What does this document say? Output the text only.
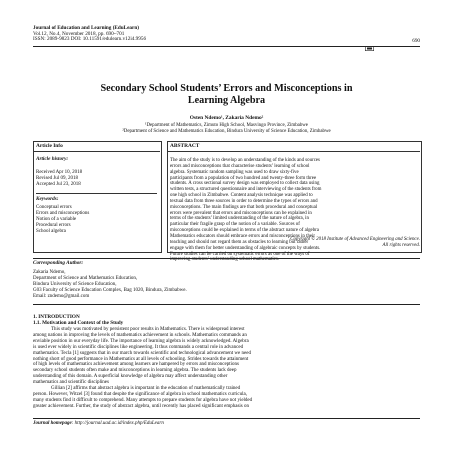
Journal of Education and Learning (EduLearn)
Vol.12, No.4, November 2018, pp. 690~701
ISSN: 2089-9823 DOI: 10.11591/edulearn.v12i4.9956	690
Secondary School Students’ Errors and Misconceptions in
Learning Algebra
Osten Ndemo¹, Zakaria Ndemo²
¹Department of Mathematics, Zimuto High School, Masvingo Province, Zimbabwe
²Department of Science and Mathematics Education, Bindura University of Science Education, Zimbabwe
Article Info
Article history:
Received Apr 10, 2018
Revised Jul 09, 2018
Accepted Jul 23, 2018
Keywords:
Conceptual errors
Errors and misconceptions
Notion of a variable
Procedural errors
School algebra
ABSTRACT
The aim of the study is to develop an understanding of the kinds and sources
errors and misconceptions that characterise students’ learning of school
algebra. Systematic random sampling was used to draw sixty-five
participants from a population of two hundred and twenty-three form three
students. A cross sectional survey design was employed to collect data using
written tests, a structured questionnaire and interviewing of the students from
one high school in Zimbabwe. Content analysis technique was applied to
textual data from three sources in order to determine the types of errors and
misconceptions. The main findings are that both procedural and conceptual
errors were prevalent that errors and misconceptions can be explained in
terms of the students’ limited understanding of the nature of algebra, in
particular their fragile grasp of the notion of a variable. Sources of
misconceptions could be explained in terms of the abstract nature of algebra
Mathematics educators should embrace errors and misconceptions in their
teaching and should not regard them as obstacles to learning but rather
engage with them for better understanding of algebraic concepts by students.
Future studies can be carried on systematic errors as one of the ways of
improving students’ understanding school mathematics.
Copyright © 2018 Institute of Advanced Engineering and Science.
All rights reserved.
Corresponding Author:
Zakaria Ndemo,
Department of Science and Mathematics Education,
Bindura University of Science Education,
G03 Faculty of Science Education Complex, Bag 1020, Bindura, Zimbabwe.
Email: zndemo@gmail.com
1. INTRODUCTION
1.1. Motivation and Context of the Study
This study was motivated by persistent poor results in Mathematics. There is widespread interest
among nations in improving the levels of mathematics achievement in schools. Mathematics commands an
enviable position in our everyday life. The importance of learning algebra is widely acknowledged. Algebra
is used ever widely in scientific disciplines like engineering. It thus commands a central role in advanced
mathematics. Tecla [1] suggests that in our march towards scientific and technological advancement we need
nothing short of good performance in Mathematics at all levels of schooling. Strides towards the attainment
of high levels of mathematics achievement among learners are hampered by errors and misconceptions
secondary school students often make and misconceptions in learning algebra. The students lack deep
understanding of this domain. A superficial knowledge of algebra may affect understanding other
mathematics and scientific disciplines
Gillian [2] affirms that abstract algebra is important in the education of mathematically trained
person. However, Witzel [3] found that despite the significance of algebra in school mathematics curricula,
many students find it difficult to comprehend. Many attempts to prepare students for algebra have not yielded
greater achievement. Further, the study of abstract algebra, until recently has placed significant emphasis on
Journal homepage: http://journal.uad.ac.id/index.php/EduLearn
